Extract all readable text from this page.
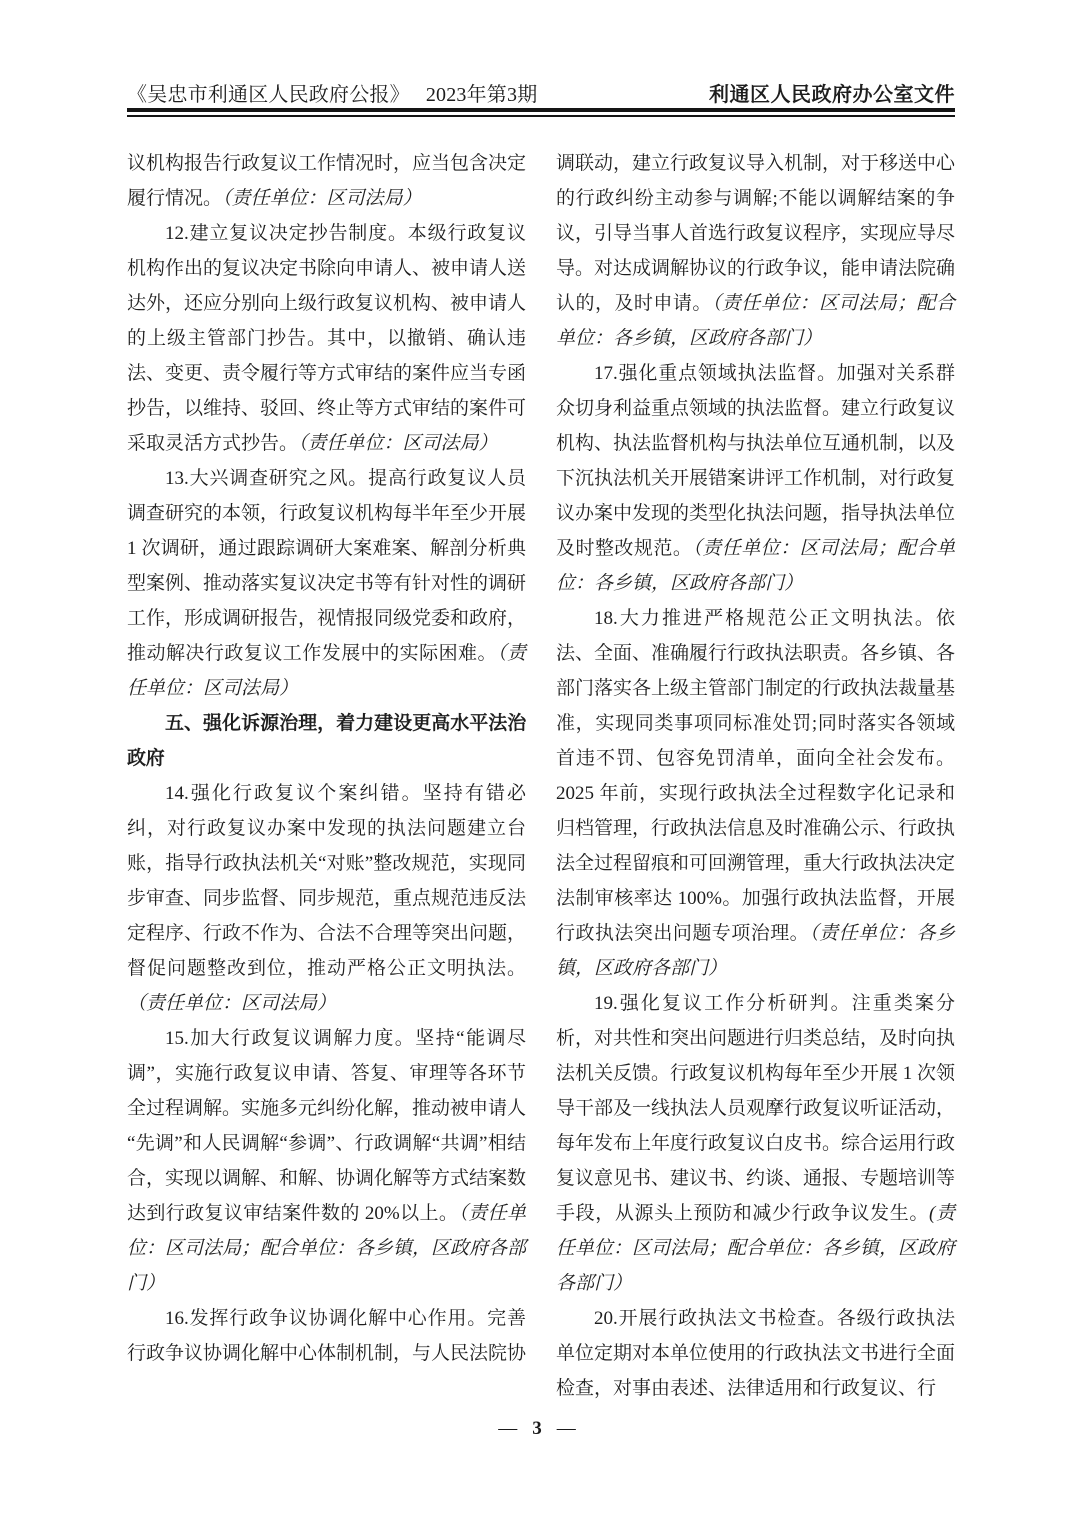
《吴忠市利通区人民政府公报》 2023年第3期	利通区人民政府办公室文件

议机构报告行政复议工作情况时，应当包含决定履行情况。（责任单位：区司法局）

12.建立复议决定抄告制度。本级行政复议机构作出的复议决定书除向申请人、被申请人送达外，还应分别向上级行政复议机构、被申请人的上级主管部门抄告。其中，以撤销、确认违法、变更、责令履行等方式审结的案件应当专函抄告，以维持、驳回、终止等方式审结的案件可采取灵活方式抄告。（责任单位：区司法局）

13.大兴调查研究之风。提高行政复议人员调查研究的本领，行政复议机构每半年至少开展 1 次调研，通过跟踪调研大案难案、解剖分析典型案例、推动落实复议决定书等有针对性的调研工作，形成调研报告，视情报同级党委和政府，推动解决行政复议工作发展中的实际困难。（责任单位：区司法局）

五、强化诉源治理，着力建设更高水平法治政府

14.强化行政复议个案纠错。坚持有错必纠，对行政复议办案中发现的执法问题建立台账，指导行政执法机关“对账”整改规范，实现同步审查、同步监督、同步规范，重点规范违反法定程序、行政不作为、合法不合理等突出问题，督促问题整改到位，推动严格公正文明执法。（责任单位：区司法局）

15.加大行政复议调解力度。坚持“能调尽调”，实施行政复议申请、答复、审理等各环节全过程调解。实施多元纠纷化解，推动被申请人“先调”和人民调解“参调”、行政调解“共调”相结合，实现以调解、和解、协调化解等方式结案数达到行政复议审结案件数的 20%以上。（责任单位：区司法局；配合单位：各乡镇，区政府各部门）

16.发挥行政争议协调化解中心作用。完善行政争议协调化解中心体制机制，与人民法院协

调联动，建立行政复议导入机制，对于移送中心的行政纠纷主动参与调解;不能以调解结案的争议，引导当事人首选行政复议程序，实现应导尽导。对达成调解协议的行政争议，能申请法院确认的，及时申请。（责任单位：区司法局；配合单位：各乡镇，区政府各部门）

17.强化重点领域执法监督。加强对关系群众切身利益重点领域的执法监督。建立行政复议机构、执法监督机构与执法单位互通机制，以及下沉执法机关开展错案讲评工作机制，对行政复议办案中发现的类型化执法问题，指导执法单位及时整改规范。（责任单位：区司法局；配合单位：各乡镇，区政府各部门）

18.大力推进严格规范公正文明执法。依法、全面、准确履行行政执法职责。各乡镇、各部门落实各上级主管部门制定的行政执法裁量基准，实现同类事项同标准处罚;同时落实各领域首违不罚、包容免罚清单，面向全社会发布。2025 年前，实现行政执法全过程数字化记录和归档管理，行政执法信息及时准确公示、行政执法全过程留痕和可回溯管理，重大行政执法决定法制审核率达 100%。加强行政执法监督，开展行政执法突出问题专项治理。（责任单位：各乡镇，区政府各部门）

19.强化复议工作分析研判。注重类案分析，对共性和突出问题进行归类总结，及时向执法机关反馈。行政复议机构每年至少开展 1 次领导干部及一线执法人员观摩行政复议听证活动，每年发布上年度行政复议白皮书。综合运用行政复议意见书、建议书、约谈、通报、专题培训等手段，从源头上预防和减少行政争议发生。(责任单位：区司法局；配合单位：各乡镇，区政府各部门）

20.开展行政执法文书检查。各级行政执法单位定期对本单位使用的行政执法文书进行全面检查，对事由表述、法律适用和行政复议、行

— 3 —
